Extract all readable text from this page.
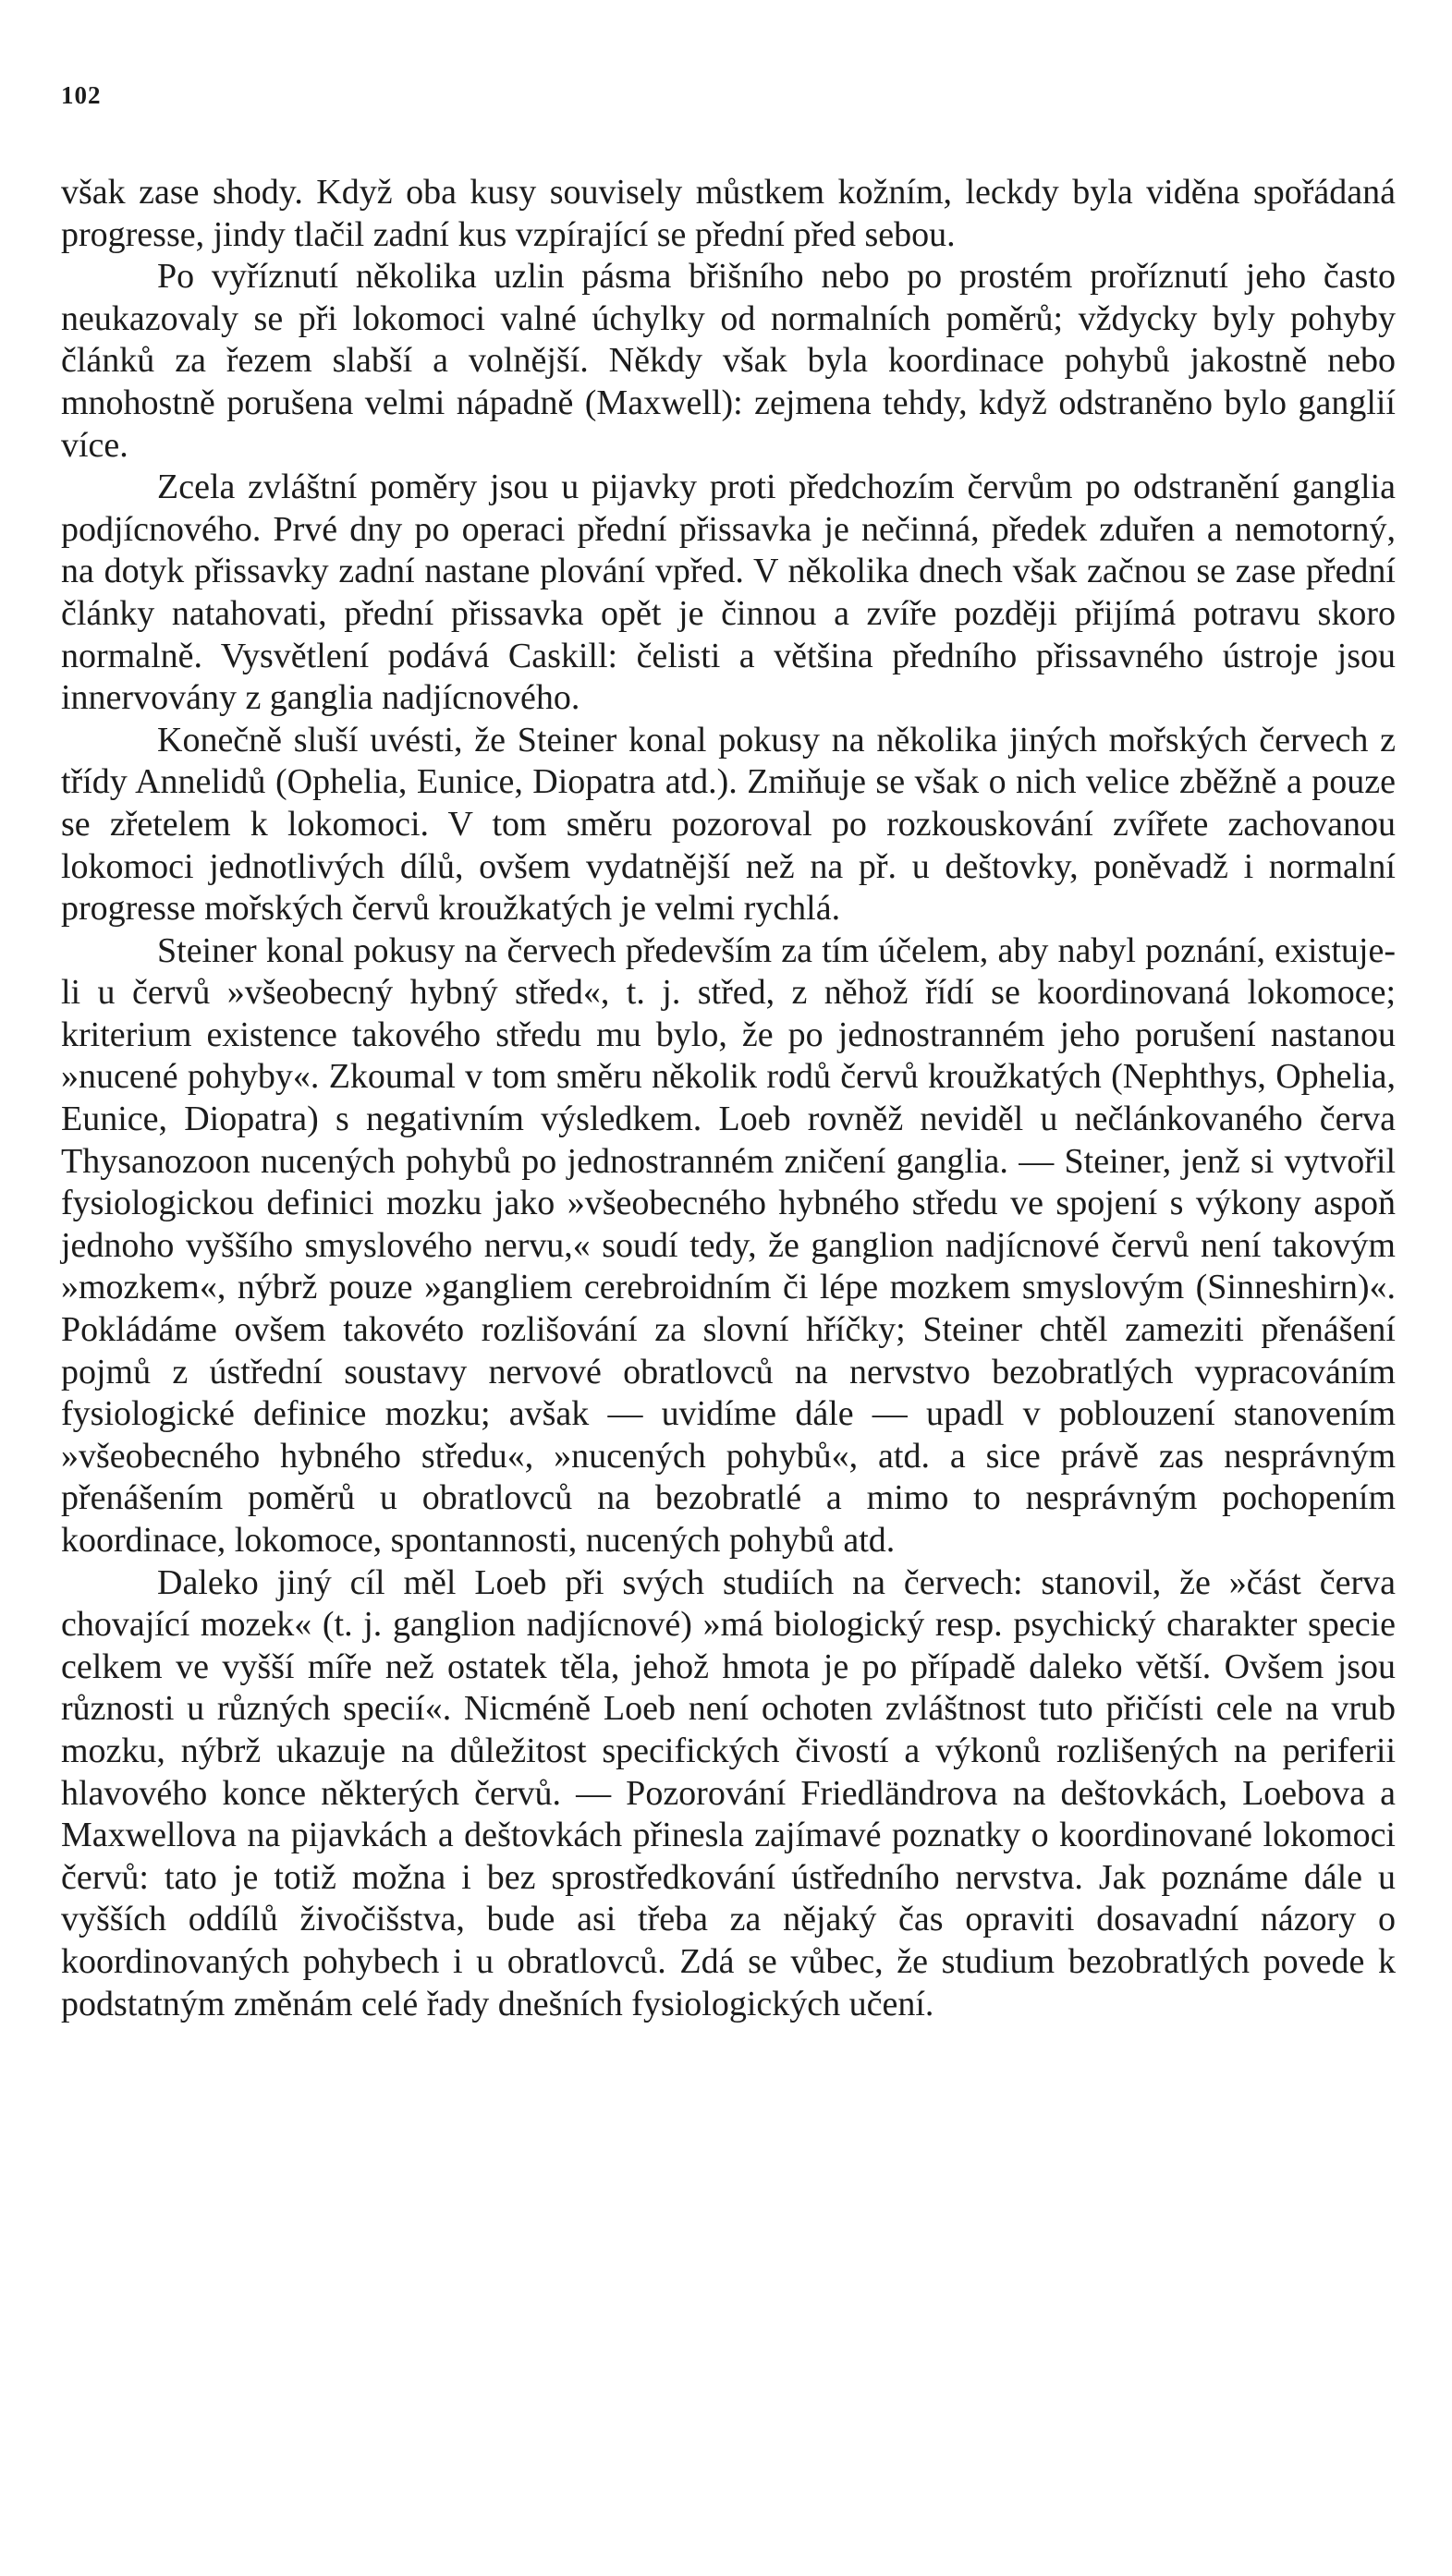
102

však zase shody. Když oba kusy souvisely můstkem kožním, leckdy byla viděna spořádaná progresse, jindy tlačil zadní kus vzpírající se přední před sebou.

Po vyříznutí několika uzlin pásma břišního nebo po prostém proříznutí jeho často neukazovaly se při lokomoci valné úchylky od normalních poměrů; vždycky byly pohyby článků za řezem slabší a volnější. Někdy však byla koordinace pohybů jakostně nebo mnohostně porušena velmi nápadně (Maxwell): zejmena tehdy, když odstraněno bylo ganglií více.

Zcela zvláštní poměry jsou u pijavky proti předchozím červům po odstranění ganglia podjícnového. Prvé dny po operaci přední přissavka je nečinná, předek zduřen a nemotorný, na dotyk přissavky zadní nastane plování vpřed. V několika dnech však začnou se zase přední články natahovati, přední přissavka opět je činnou a zvíře později přijímá potravu skoro normalně. Vysvětlení podává Caskill: čelisti a většina předního přissavného ústroje jsou innervovány z ganglia nadjícnového.

Konečně sluší uvésti, že Steiner konal pokusy na několika jiných mořských červech z třídy Annelidů (Ophelia, Eunice, Diopatra atd.). Zmiňuje se však o nich velice zběžně a pouze se zřetelem k lokomoci. V tom směru pozoroval po rozkouskování zvířete zachovanou lokomoci jednotlivých dílů, ovšem vydatnější než na př. u deštovky, poněvadž i normalní progresse mořských červů kroužkatých je velmi rychlá.

Steiner konal pokusy na červech především za tím účelem, aby nabyl poznání, existuje-li u červů »všeobecný hybný střed«, t. j. střed, z něhož řídí se koordinovaná lokomoce; kriterium existence takového středu mu bylo, že po jednostranném jeho porušení nastanou »nucené pohyby«. Zkoumal v tom směru několik rodů červů kroužkatých (Nephthys, Ophelia, Eunice, Diopatra) s negativním výsledkem. Loeb rovněž neviděl u nečlánkovaného červa Thysanozoon nucených pohybů po jednostranném zničení ganglia. — Steiner, jenž si vytvořil fysiologickou definici mozku jako »všeobecného hybného středu ve spojení s výkony aspoň jednoho vyššího smyslového nervu,« soudí tedy, že ganglion nadjícnové červů není takovým »mozkem«, nýbrž pouze »gangliem cerebroidním či lépe mozkem smyslovým (Sinneshirn)«. Pokládáme ovšem takovéto rozlišování za slovní hříčky; Steiner chtěl zameziti přenášení pojmů z ústřední soustavy nervové obratlovců na nervstvo bezobratlých vypracováním fysiologické definice mozku; avšak — uvidíme dále — upadl v poblouzení stanovením »všeobecného hybného středu«, »nucených pohybů«, atd. a sice právě zas nesprávným přenášením poměrů u obratlovců na bezobratlé a mimo to nesprávným pochopením koordinace, lokomoce, spontannosti, nucených pohybů atd.

Daleko jiný cíl měl Loeb při svých studiích na červech: stanovil, že »část červa chovající mozek« (t. j. ganglion nadjícnové) »má biologický resp. psychický charakter specie celkem ve vyšší míře než ostatek těla, jehož hmota je po případě daleko větší. Ovšem jsou různosti u různých specií«. Nicméně Loeb není ochoten zvláštnost tuto přičísti cele na vrub mozku, nýbrž ukazuje na důležitost specifických čivostí a výkonů rozlišených na periferii hlavového konce některých červů. — Pozorování Friedländrova na deštovkách, Loebova a Maxwellova na pijavkách a deštovkách přinesla zajímavé poznatky o koordinované lokomoci červů: tato je totiž možna i bez sprostředkování ústředního nervstva. Jak poznáme dále u vyšších oddílů živočišstva, bude asi třeba za nějaký čas opraviti dosavadní názory o koordinovaných pohybech i u obratlovců. Zdá se vůbec, že studium bezobratlých povede k podstatným změnám celé řady dnešních fysiologických učení.
